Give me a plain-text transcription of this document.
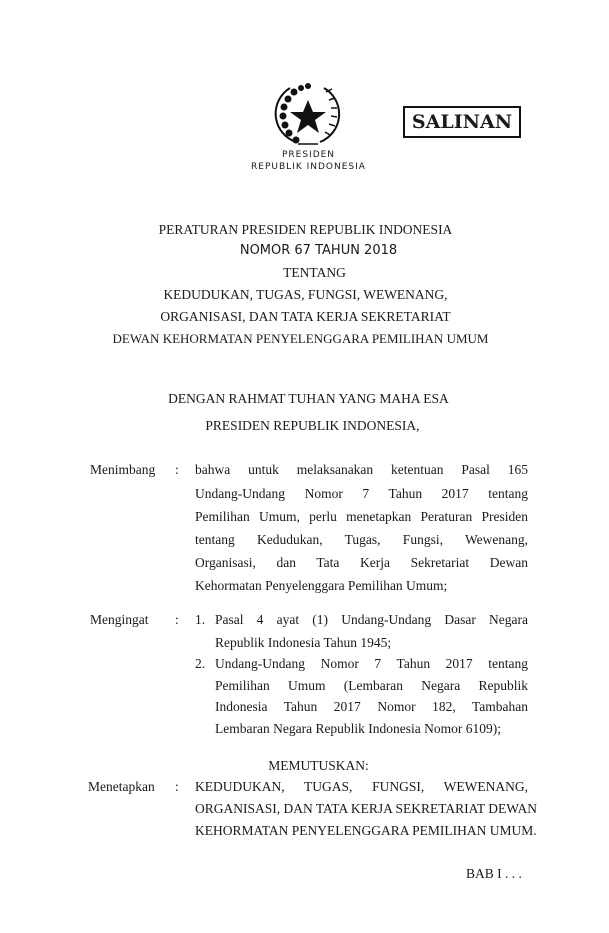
SALINAN
PRESIDEN
REPUBLIK INDONESIA
PERATURAN PRESIDEN REPUBLIK INDONESIA
NOMOR 67 TAHUN 2018
TENTANG
KEDUDUKAN, TUGAS, FUNGSI, WEWENANG,
ORGANISASI, DAN TATA KERJA SEKRETARIAT
DEWAN KEHORMATAN PENYELENGGARA PEMILIHAN UMUM
DENGAN RAHMAT TUHAN YANG MAHA ESA
PRESIDEN REPUBLIK INDONESIA,
Menimbang : bahwa untuk melaksanakan ketentuan Pasal 165
Undang-Undang Nomor 7 Tahun 2017 tentang
Pemilihan Umum, perlu menetapkan Peraturan Presiden
tentang Kedudukan, Tugas, Fungsi, Wewenang,
Organisasi, dan Tata Kerja Sekretariat Dewan
Kehormatan Penyelenggara Pemilihan Umum;
Mengingat : 1. Pasal 4 ayat (1) Undang-Undang Dasar Negara
Republik Indonesia Tahun 1945;
2. Undang-Undang Nomor 7 Tahun 2017 tentang
Pemilihan Umum (Lembaran Negara Republik
Indonesia Tahun 2017 Nomor 182, Tambahan
Lembaran Negara Republik Indonesia Nomor 6109);
MEMUTUSKAN:
Menetapkan : KEDUDUKAN, TUGAS, FUNGSI, WEWENANG,
ORGANISASI, DAN TATA KERJA SEKRETARIAT DEWAN
KEHORMATAN PENYELENGGARA PEMILIHAN UMUM.
BAB I . . .
